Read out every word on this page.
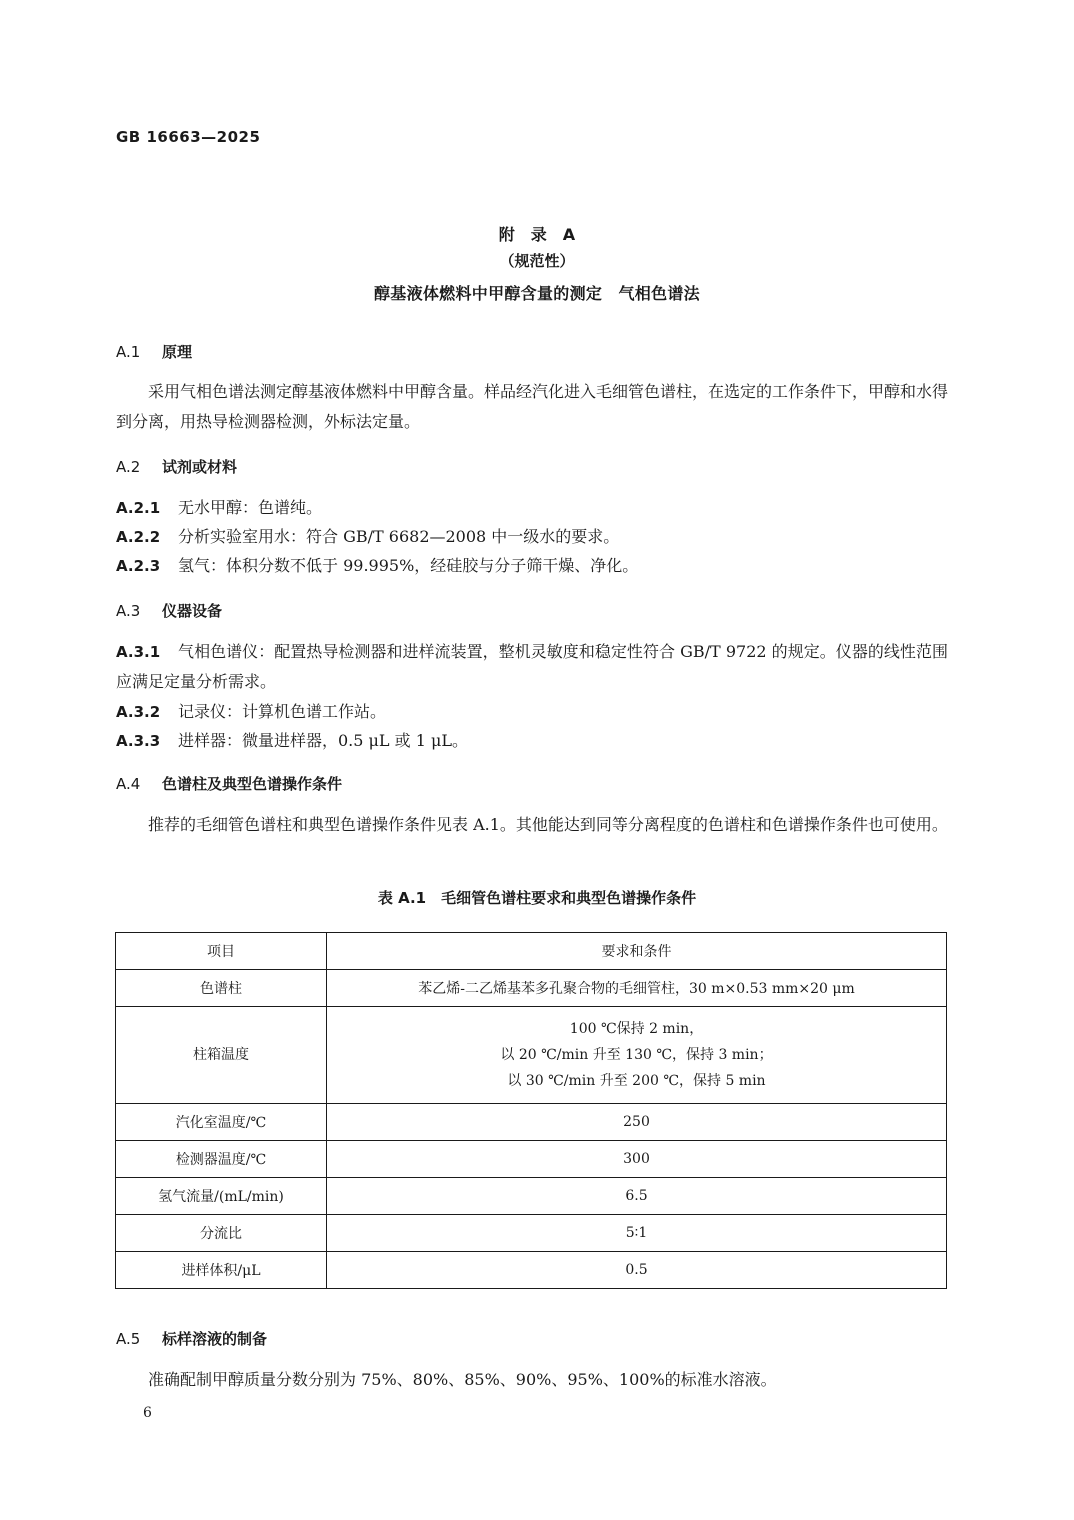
GB 16663—2025
附　录　A
（规范性）
醇基液体燃料中甲醇含量的测定　气相色谱法
A.1 原理
采用气相色谱法测定醇基液体燃料中甲醇含量。样品经汽化进入毛细管色谱柱，在选定的工作条件下，甲醇和水得到分离，用热导检测器检测，外标法定量。
A.2 试剂或材料
A.2.1 无水甲醇：色谱纯。
A.2.2 分析实验室用水：符合 GB/T 6682—2008 中一级水的要求。
A.2.3 氢气：体积分数不低于 99.995%，经硅胶与分子筛干燥、净化。
A.3 仪器设备
A.3.1 气相色谱仪：配置热导检测器和进样流装置，整机灵敏度和稳定性符合 GB/T 9722 的规定。仪器的线性范围应满足定量分析需求。
A.3.2 记录仪：计算机色谱工作站。
A.3.3 进样器：微量进样器，0.5 μL 或 1 μL。
A.4 色谱柱及典型色谱操作条件
推荐的毛细管色谱柱和典型色谱操作条件见表 A.1。其他能达到同等分离程度的色谱柱和色谱操作条件也可使用。
表 A.1　毛细管色谱柱要求和典型色谱操作条件
项目	要求和条件
色谱柱	苯乙烯-二乙烯基苯多孔聚合物的毛细管柱，30 m×0.53 mm×20 μm
柱箱温度	100 ℃保持 2 min，
以 20 ℃/min 升至 130 ℃，保持 3 min；
以 30 ℃/min 升至 200 ℃，保持 5 min

汽化室温度/℃	250
检测器温度/℃	300
氢气流量/(mL/min)	6.5
分流比	5∶1
进样体积/μL	0.5
A.5 标样溶液的制备
准确配制甲醇质量分数分别为 75%、80%、85%、90%、95%、100%的标准水溶液。
6
